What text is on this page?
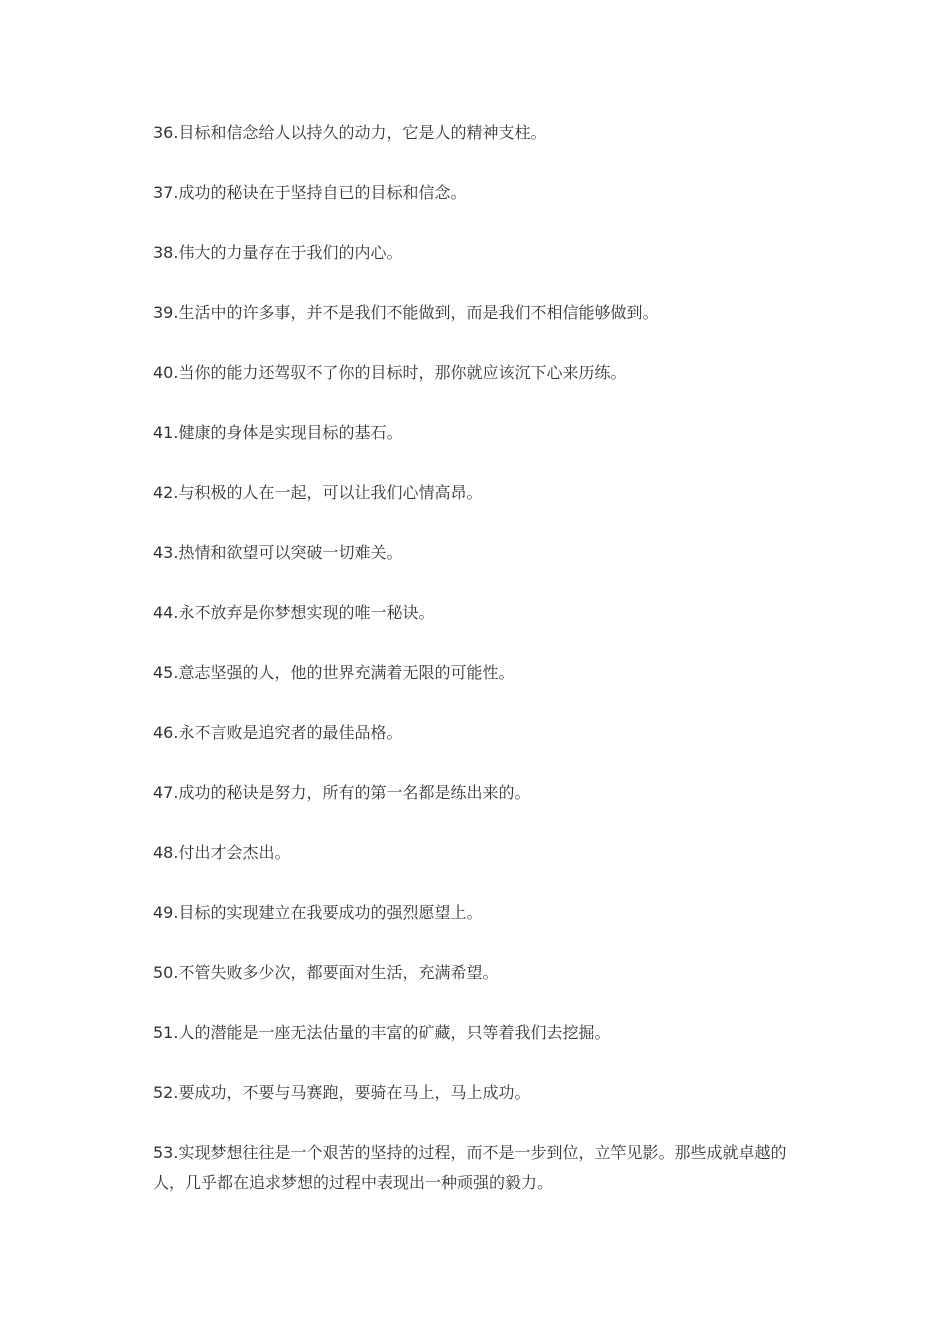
36.目标和信念给人以持久的动力，它是人的精神支柱。
37.成功的秘诀在于坚持自已的目标和信念。
38.伟大的力量存在于我们的内心。
39.生活中的许多事，并不是我们不能做到，而是我们不相信能够做到。
40.当你的能力还驾驭不了你的目标时，那你就应该沉下心来历练。
41.健康的身体是实现目标的基石。
42.与积极的人在一起，可以让我们心情高昂。
43.热情和欲望可以突破一切难关。
44.永不放弃是你梦想实现的唯一秘诀。
45.意志坚强的人，他的世界充满着无限的可能性。
46.永不言败是追究者的最佳品格。
47.成功的秘诀是努力，所有的第一名都是练出来的。
48.付出才会杰出。
49.目标的实现建立在我要成功的强烈愿望上。
50.不管失败多少次，都要面对生活，充满希望。
51.人的潜能是一座无法估量的丰富的矿藏，只等着我们去挖掘。
52.要成功，不要与马赛跑，要骑在马上，马上成功。
53.实现梦想往往是一个艰苦的坚持的过程，而不是一步到位，立竿见影。那些成就卓越的人，几乎都在追求梦想的过程中表现出一种顽强的毅力。
